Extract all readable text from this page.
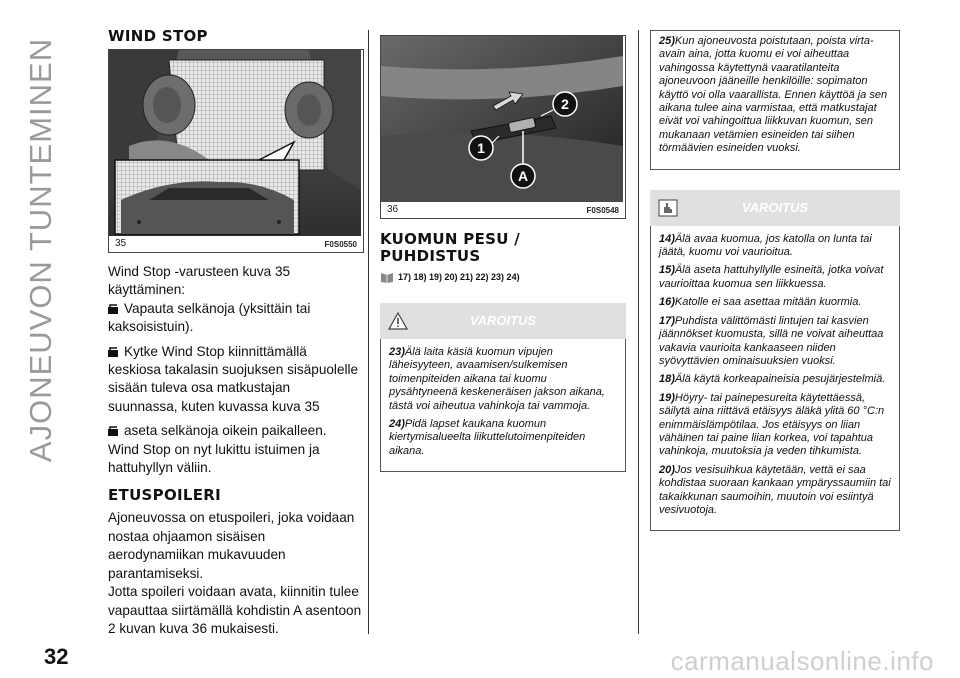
AJONEUVON TUNTEMINEN
WIND STOP
35	F0S0550

Wind Stop -varusteen kuva 35 käyttäminen:

Vapauta selkänoja (yksittäin tai kaksoisistuin).

Kytke Wind Stop kiinnittämällä keskiosa takalasin suojuksen sisäpuolelle sisään tuleva osa matkustajan suunnassa, kuten kuvassa kuva 35

aseta selkänoja oikein paikalleen.

Wind Stop on nyt lukittu istuimen ja hattuhyllyn väliin.

ETUSPOILERI

Ajoneuvossa on etuspoileri, joka voidaan nostaa ohjaamon sisäisen aerodynamiikan mukavuuden parantamiseksi.

Jotta spoileri voidaan avata, kiinnitin tulee vapauttaa siirtämällä kohdistin A asentoon 2 kuvan kuva 36 mukaisesti.

1
2
A
36	F0S0548
KUOMUN PESU / PUHDISTUS
17) 18) 19) 20) 21) 22) 23) 24)
VAROITUS

23)Älä laita käsiä kuomun vipujen läheisyyteen, avaamisen/sulkemisen toimenpiteiden aikana tai kuomu pysähtyneenä keskeneräisen jakson aikana, tästä voi aiheutua vahinkoja tai vammoja.

24)Pidä lapset kaukana kuomun kiertymisalueelta liikuttelutoimenpiteiden aikana.

25)Kun ajoneuvosta poistutaan, poista virta-avain aina, jotta kuomu ei voi aiheuttaa vahingossa käytettynä vaaratilanteita ajoneuvoon jääneille henkilöille: sopimaton käyttö voi olla vaarallista. Ennen käyttöä ja sen aikana tulee aina varmistaa, että matkustajat eivät voi vahingoittua liikkuvan kuomun, sen mukanaan vetämien esineiden tai siihen törmäävien esineiden vuoksi.

VAROITUS

14)Älä avaa kuomua, jos katolla on lunta tai jäätä, kuomu voi vaurioitua.

15)Älä aseta hattuhyllylle esineitä, jotka voivat vaurioittaa kuomua sen liikkuessa.

16)Katolle ei saa asettaa mitään kuormia.

17)Puhdista välittömästi lintujen tai kasvien jäännökset kuomusta, sillä ne voivat aiheuttaa vakavia vaurioita kankaaseen niiden syövyttävien ominaisuuksien vuoksi.

18)Älä käytä korkeapaineisia pesujärjestelmiä.

19)Höyry- tai painepesureita käytettäessä, säilytä aina riittävä etäisyys äläkä ylitä 60 °C:n enimmäislämpötilaa. Jos etäisyys on liian vähäinen tai paine liian korkea, voi tapahtua vahinkoja, muutoksia ja veden tihkumista.

20)Jos vesisuihkua käytetään, vettä ei saa kohdistaa suoraan kankaan ympäryssaumiin tai takaikkunan saumoihin, muutoin voi esiintyä vesivuotoja.

32	carmanualsonline.info
